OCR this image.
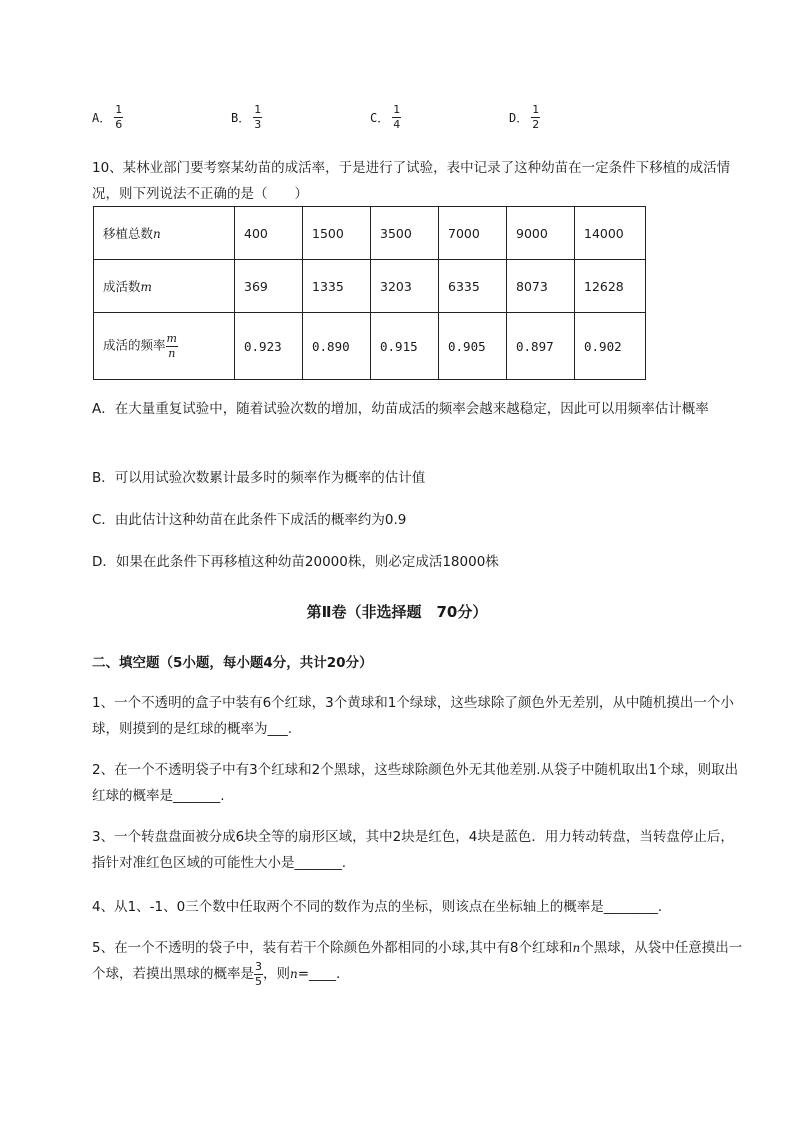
A． $\frac{1}{6}$	B． $\frac{1}{3}$	C． $\frac{1}{4}$	D． $\frac{1}{2}$
10、某林业部门要考察某幼苗的成活率，于是进行了试验，表中记录了这种幼苗在一定条件下移植的成活情况，则下列说法不正确的是（　　）
移植总数n	400	1500	3500	7000	9000	14000
成活数m	369	1335	3203	6335	8073	12628
成活的频率 $\frac{m}{n}$	0.923	0.890	0.915	0.905	0.897	0.902
A．在大量重复试验中，随着试验次数的增加，幼苗成活的频率会越来越稳定，因此可以用频率估计概率
B．可以用试验次数累计最多时的频率作为概率的估计值
C．由此估计这种幼苗在此条件下成活的概率约为0.9
D．如果在此条件下再移植这种幼苗20000株，则必定成活18000株
第Ⅱ卷（非选择题　70分）
二、填空题（5小题，每小题4分，共计20分）
1、一个不透明的盒子中装有6个红球，3个黄球和1个绿球，这些球除了颜色外无差别，从中随机摸出一个小球，则摸到的是红球的概率为___.
2、在一个不透明袋子中有3个红球和2个黑球，这些球除颜色外无其他差别.从袋子中随机取出1个球，则取出红球的概率是_______.
3、一个转盘盘面被分成6块全等的扇形区域，其中2块是红色，4块是蓝色．用力转动转盘，当转盘停止后，指针对准红色区域的可能性大小是_______.
4、从1、-1、0三个数中任取两个不同的数作为点的坐标，则该点在坐标轴上的概率是________.
5、在一个不透明的袋子中，装有若干个除颜色外都相同的小球,其中有8个红球和n个黑球，从袋中任意摸出一个球，若摸出黑球的概率是 $\frac{3}{5}$ ，则n=____.
